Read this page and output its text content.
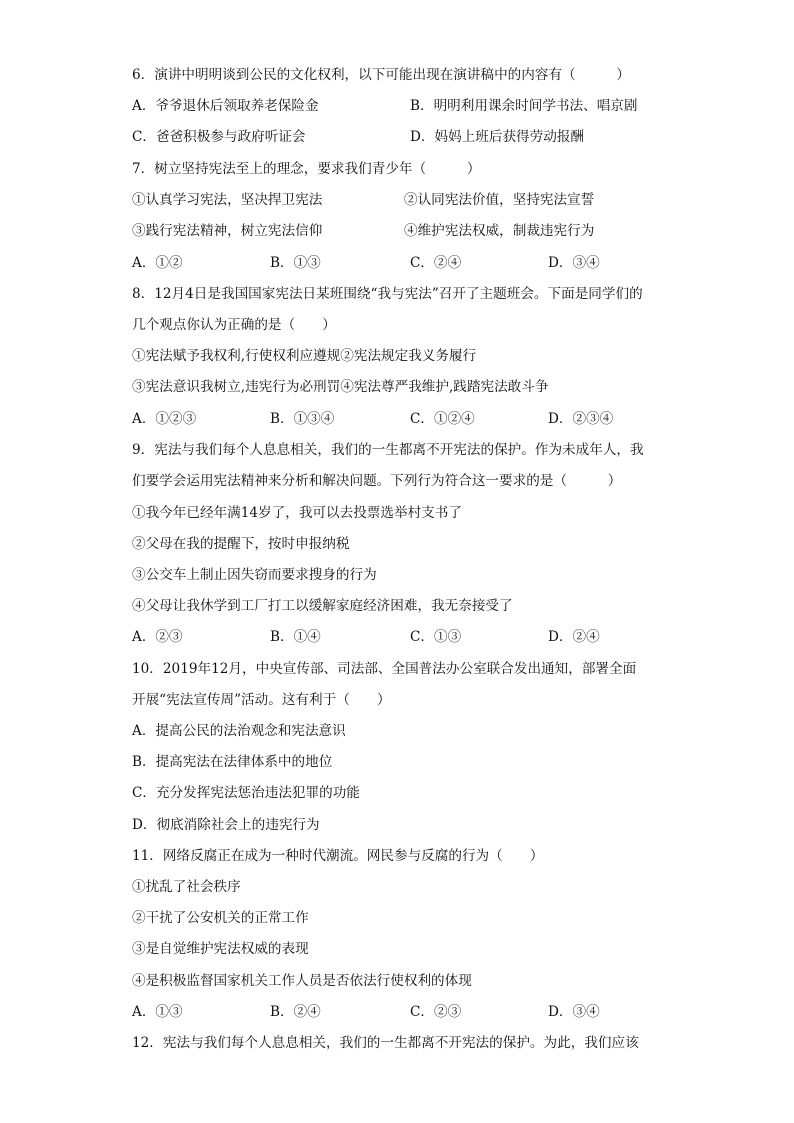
6．演讲中明明谈到公民的文化权利，以下可能出现在演讲稿中的内容有（　　　）
A．爷爷退休后领取养老保险金	B．明明利用课余时间学书法、唱京剧
C．爸爸积极参与政府听证会	D．妈妈上班后获得劳动报酬
7．树立坚持宪法至上的理念，要求我们青少年（　　　）
①认真学习宪法，坚决捍卫宪法	②认同宪法价值，坚持宪法宣誓
③践行宪法精神，树立宪法信仰	④维护宪法权威，制裁违宪行为
A．①②	B．①③	C．②④	D．③④
8．12月4日是我国国家宪法日某班围绕“我与宪法”召开了主题班会。下面是同学们的
几个观点你认为正确的是（　　）
①宪法赋予我权利,行使权利应遵规②宪法规定我义务履行
③宪法意识我树立,违宪行为必刑罚④宪法尊严我维护,践踏宪法敢斗争
A．①②③	B．①③④	C．①②④	D．②③④
9．宪法与我们每个人息息相关，我们的一生都离不开宪法的保护。作为未成年人，我
们要学会运用宪法精神来分析和解决问题。下列行为符合这一要求的是（　　　）
①我今年已经年满14岁了，我可以去投票选举村支书了
②父母在我的提醒下，按时申报纳税
③公交车上制止因失窃而要求搜身的行为
④父母让我休学到工厂打工以缓解家庭经济困难，我无奈接受了
A．②③	B．①④	C．①③	D．②④
10．2019年12月，中央宣传部、司法部、全国普法办公室联合发出通知，部署全面
开展“宪法宣传周”活动。这有利于（　　）
A．提高公民的法治观念和宪法意识
B．提高宪法在法律体系中的地位
C．充分发挥宪法惩治违法犯罪的功能
D．彻底消除社会上的违宪行为
11．网络反腐正在成为一种时代潮流。网民参与反腐的行为（　　）
①扰乱了社会秩序
②干扰了公安机关的正常工作
③是自觉维护宪法权威的表现
④是积极监督国家机关工作人员是否依法行使权利的体现
A．①③	B．②④	C．②③	D．③④
12．宪法与我们每个人息息相关，我们的一生都离不开宪法的保护。为此，我们应该
